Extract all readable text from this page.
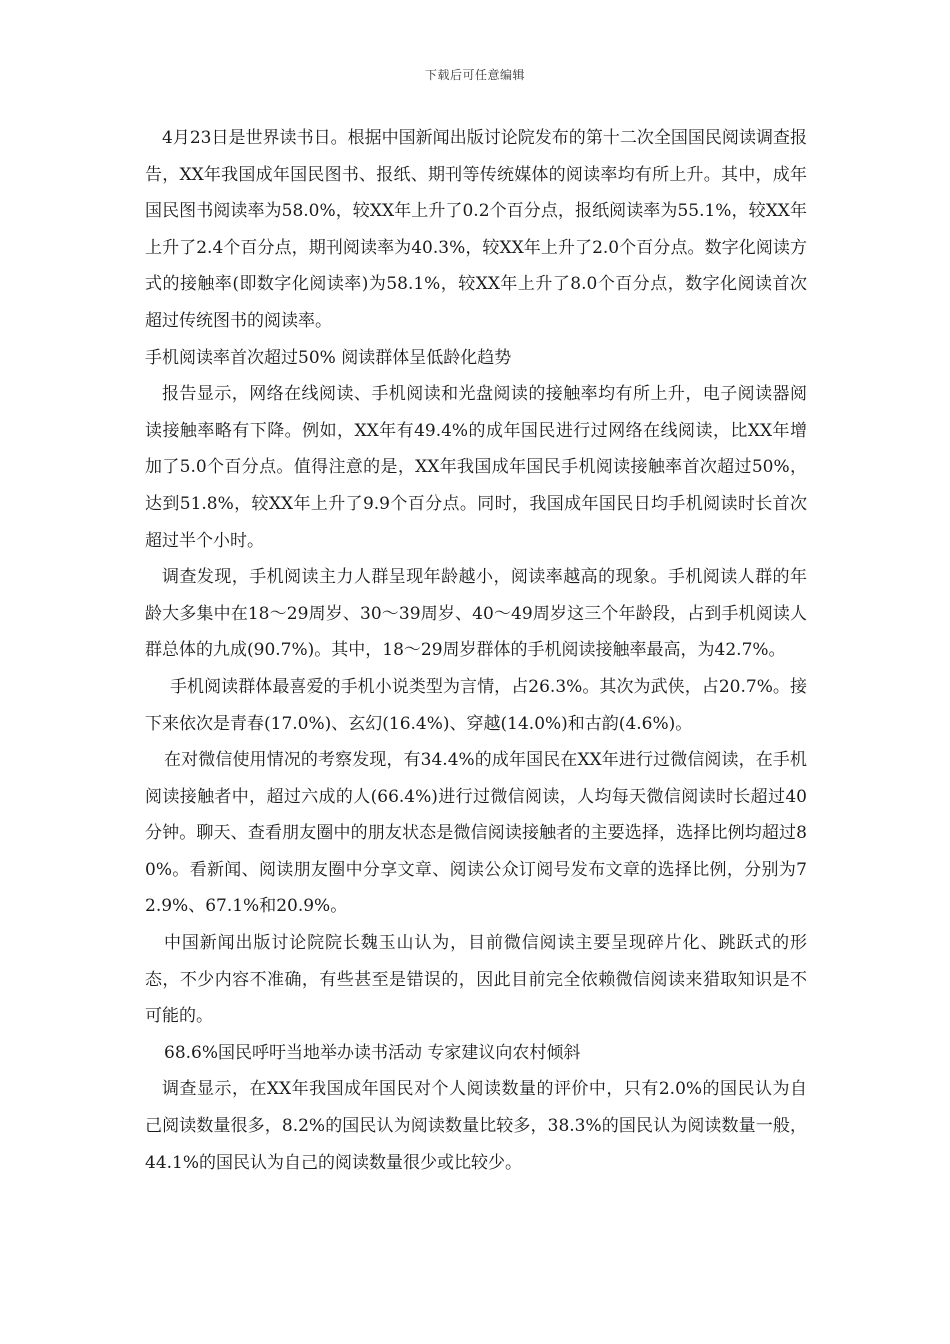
下载后可任意编辑

4月23日是世界读书日。根据中国新闻出版讨论院发布的第十二次全国国民阅读调查报告，XX年我国成年国民图书、报纸、期刊等传统媒体的阅读率均有所上升。其中，成年国民图书阅读率为58.0%，较XX年上升了0.2个百分点，报纸阅读率为55.1%，较XX年上升了2.4个百分点，期刊阅读率为40.3%，较XX年上升了2.0个百分点。数字化阅读方式的接触率(即数字化阅读率)为58.1%，较XX年上升了8.0个百分点，数字化阅读首次超过传统图书的阅读率。

手机阅读率首次超过50% 阅读群体呈低龄化趋势

报告显示，网络在线阅读、手机阅读和光盘阅读的接触率均有所上升，电子阅读器阅读接触率略有下降。例如，XX年有49.4%的成年国民进行过网络在线阅读，比XX年增加了5.0个百分点。值得注意的是，XX年我国成年国民手机阅读接触率首次超过50%，达到51.8%，较XX年上升了9.9个百分点。同时，我国成年国民日均手机阅读时长首次超过半个小时。

调查发现，手机阅读主力人群呈现年龄越小，阅读率越高的现象。手机阅读人群的年龄大多集中在18～29周岁、30～39周岁、40～49周岁这三个年龄段，占到手机阅读人群总体的九成(90.7%)。其中，18～29周岁群体的手机阅读接触率最高，为42.7%。

手机阅读群体最喜爱的手机小说类型为言情，占26.3%。其次为武侠，占20.7%。接下来依次是青春(17.0%)、玄幻(16.4%)、穿越(14.0%)和古韵(4.6%)。

在对微信使用情况的考察发现，有34.4%的成年国民在XX年进行过微信阅读，在手机阅读接触者中，超过六成的人(66.4%)进行过微信阅读，人均每天微信阅读时长超过40分钟。聊天、查看朋友圈中的朋友状态是微信阅读接触者的主要选择，选择比例均超过80%。看新闻、阅读朋友圈中分享文章、阅读公众订阅号发布文章的选择比例，分别为72.9%、67.1%和20.9%。

中国新闻出版讨论院院长魏玉山认为，目前微信阅读主要呈现碎片化、跳跃式的形态，不少内容不准确，有些甚至是错误的，因此目前完全依赖微信阅读来猎取知识是不可能的。

68.6%国民呼吁当地举办读书活动 专家建议向农村倾斜

调查显示，在XX年我国成年国民对个人阅读数量的评价中，只有2.0%的国民认为自己阅读数量很多，8.2%的国民认为阅读数量比较多，38.3%的国民认为阅读数量一般，44.1%的国民认为自己的阅读数量很少或比较少。
